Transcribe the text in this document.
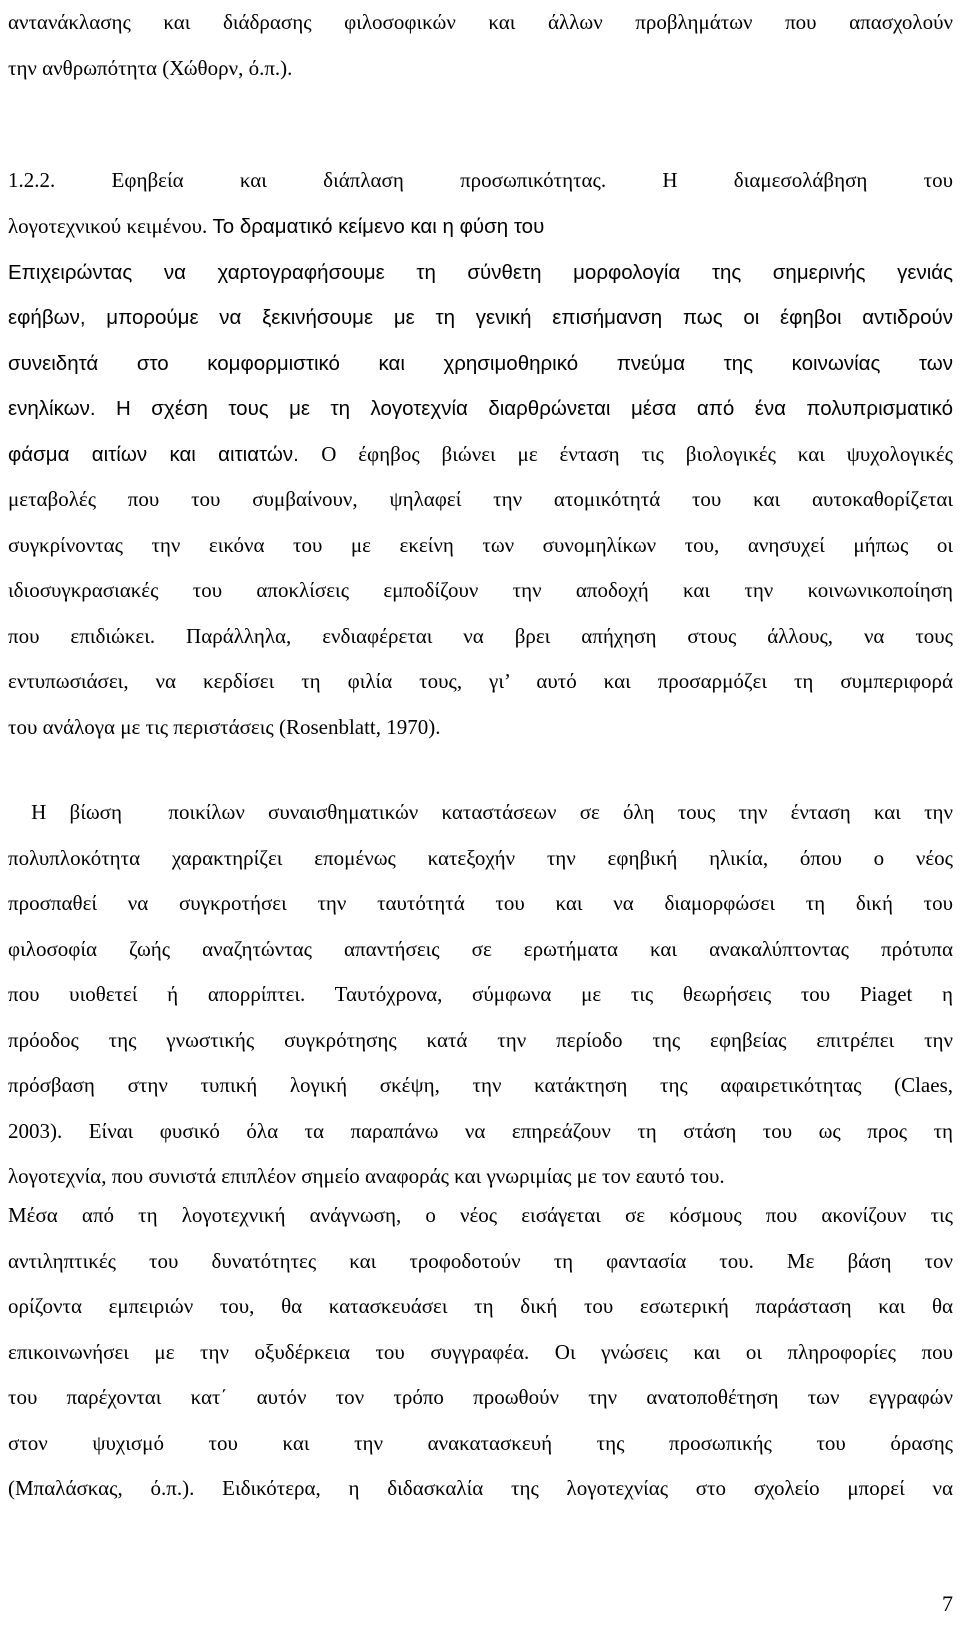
αντανάκλασης και διάδρασης φιλοσοφικών και άλλων προβλημάτων που απασχολούν
την ανθρωπότητα (Χώθορν, ό.π.).
1.2.2. Εφηβεία και διάπλαση προσωπικότητας. Η διαμεσολάβηση του
λογοτεχνικού κειμένου. Το δραματικό κείμενο και η φύση του
Επιχειρώντας να χαρτογραφήσουμε τη σύνθετη μορφολογία της σημερινής γενιάς
εφήβων, μπορούμε να ξεκινήσουμε με τη γενική επισήμανση πως οι έφηβοι αντιδρούν
συνειδητά στο κομφορμιστικό και χρησιμοθηρικό πνεύμα της κοινωνίας των
ενηλίκων. Η σχέση τους με τη λογοτεχνία διαρθρώνεται μέσα από ένα πολυπρισματικό
φάσμα αιτίων και αιτιατών. Ο έφηβος βιώνει με ένταση τις βιολογικές και ψυχολογικές
μεταβολές που του συμβαίνουν, ψηλαφεί την ατομικότητά του και αυτοκαθορίζεται
συγκρίνοντας την εικόνα του με εκείνη των συνομηλίκων του, ανησυχεί μήπως οι
ιδιοσυγκρασιακές του αποκλίσεις εμποδίζουν την αποδοχή και την κοινωνικοποίηση
που επιδιώκει. Παράλληλα, ενδιαφέρεται να βρει απήχηση στους άλλους, να τους
εντυπωσιάσει, να κερδίσει τη φιλία τους, γι’ αυτό και προσαρμόζει τη συμπεριφορά
του ανάλογα με τις περιστάσεις (Rosenblatt, 1970).
Η βίωση  ποικίλων συναισθηματικών καταστάσεων σε όλη τους την ένταση και την
πολυπλοκότητα χαρακτηρίζει επομένως κατεξοχήν την εφηβική ηλικία, όπου ο νέος
προσπαθεί να συγκροτήσει την ταυτότητά του και να διαμορφώσει τη δική του
φιλοσοφία ζωής αναζητώντας απαντήσεις σε ερωτήματα και ανακαλύπτοντας πρότυπα
που υιοθετεί ή απορρίπτει. Ταυτόχρονα, σύμφωνα με τις θεωρήσεις του Piaget η
πρόοδος της γνωστικής συγκρότησης κατά την περίοδο της εφηβείας επιτρέπει την
πρόσβαση στην τυπική λογική σκέψη, την κατάκτηση της αφαιρετικότητας (Claes,
2003). Είναι φυσικό όλα τα παραπάνω να επηρεάζουν τη στάση του ως προς τη
λογοτεχνία, που συνιστά επιπλέον σημείο αναφοράς και γνωριμίας με τον εαυτό του.
Μέσα από τη λογοτεχνική ανάγνωση, ο νέος εισάγεται σε κόσμους που ακονίζουν τις
αντιληπτικές του δυνατότητες και τροφοδοτούν τη φαντασία του. Με βάση τον
ορίζοντα εμπειριών του, θα κατασκευάσει τη δική του εσωτερική παράσταση και θα
επικοινωνήσει με την οξυδέρκεια του συγγραφέα. Οι γνώσεις και οι πληροφορίες που
του παρέχονται κατ΄ αυτόν τον τρόπο προωθούν την ανατοποθέτηση των εγγραφών
στον ψυχισμό του και την ανακατασκευή της προσωπικής του όρασης
(Μπαλάσκας, ό.π.). Ειδικότερα, η διδασκαλία της λογοτεχνίας στο σχολείο μπορεί να
7
